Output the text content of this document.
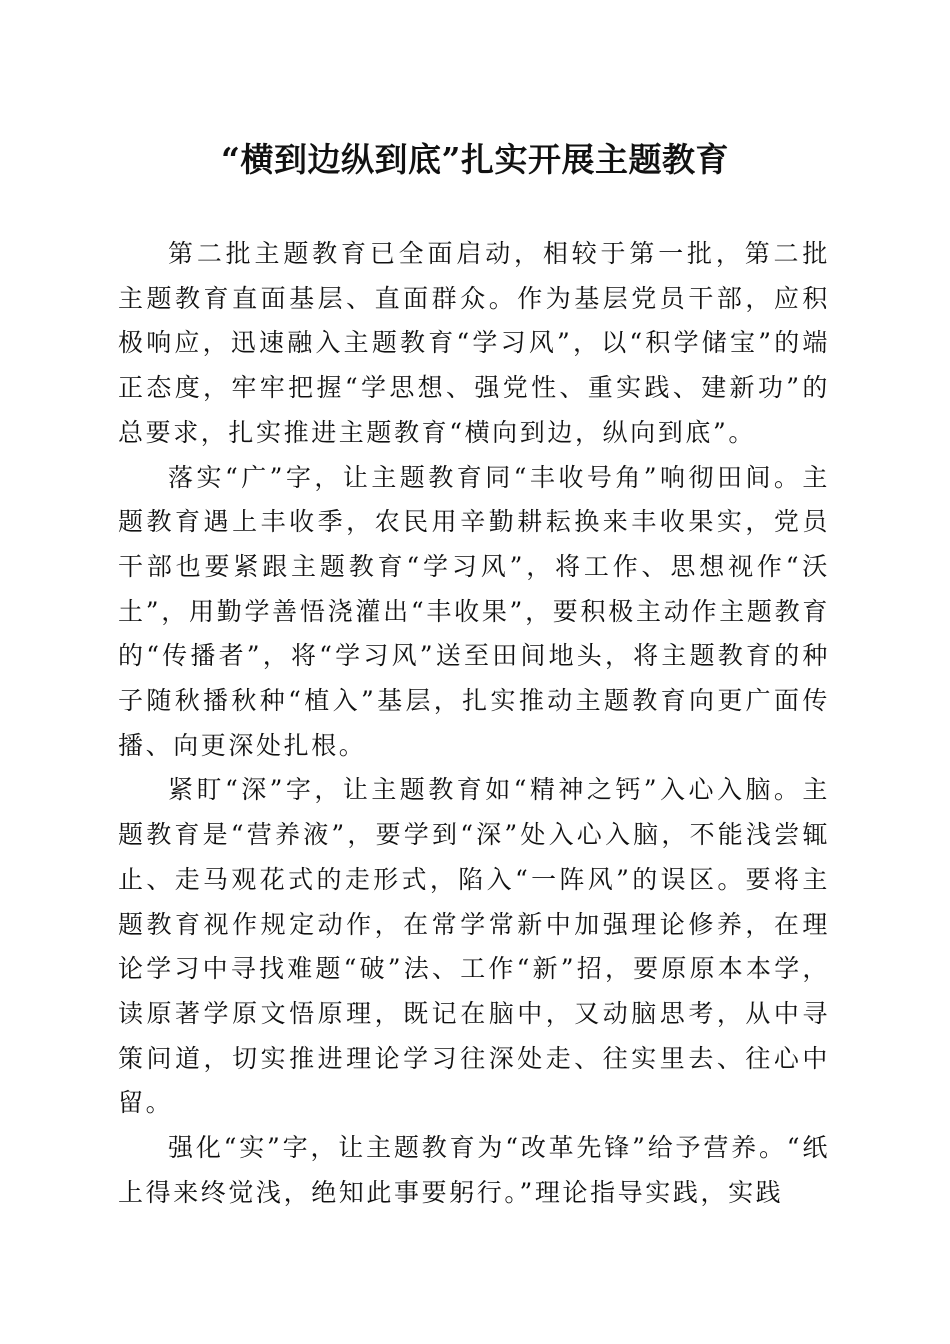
“横到边纵到底”扎实开展主题教育

第二批主题教育已全面启动，相较于第一批，第二批主题教育直面基层、直面群众。作为基层党员干部，应积极响应，迅速融入主题教育“学习风”，以“积学储宝”的端正态度，牢牢把握“学思想、强党性、重实践、建新功”的总要求，扎实推进主题教育“横向到边，纵向到底”。

落实“广”字，让主题教育同“丰收号角”响彻田间。主题教育遇上丰收季，农民用辛勤耕耘换来丰收果实，党员干部也要紧跟主题教育“学习风”，将工作、思想视作“沃土”，用勤学善悟浇灌出“丰收果”，要积极主动作主题教育的“传播者”，将“学习风”送至田间地头，将主题教育的种子随秋播秋种“植入”基层，扎实推动主题教育向更广面传播、向更深处扎根。

紧盯“深”字，让主题教育如“精神之钙”入心入脑。主题教育是“营养液”，要学到“深”处入心入脑，不能浅尝辄止、走马观花式的走形式，陷入“一阵风”的误区。要将主题教育视作规定动作，在常学常新中加强理论修养，在理论学习中寻找难题“破”法、工作“新”招，要原原本本学，读原著学原文悟原理，既记在脑中，又动脑思考，从中寻策问道，切实推进理论学习往深处走、往实里去、往心中留。

强化“实”字，让主题教育为“改革先锋”给予营养。“纸上得来终觉浅，绝知此事要躬行。”理论指导实践，实践
